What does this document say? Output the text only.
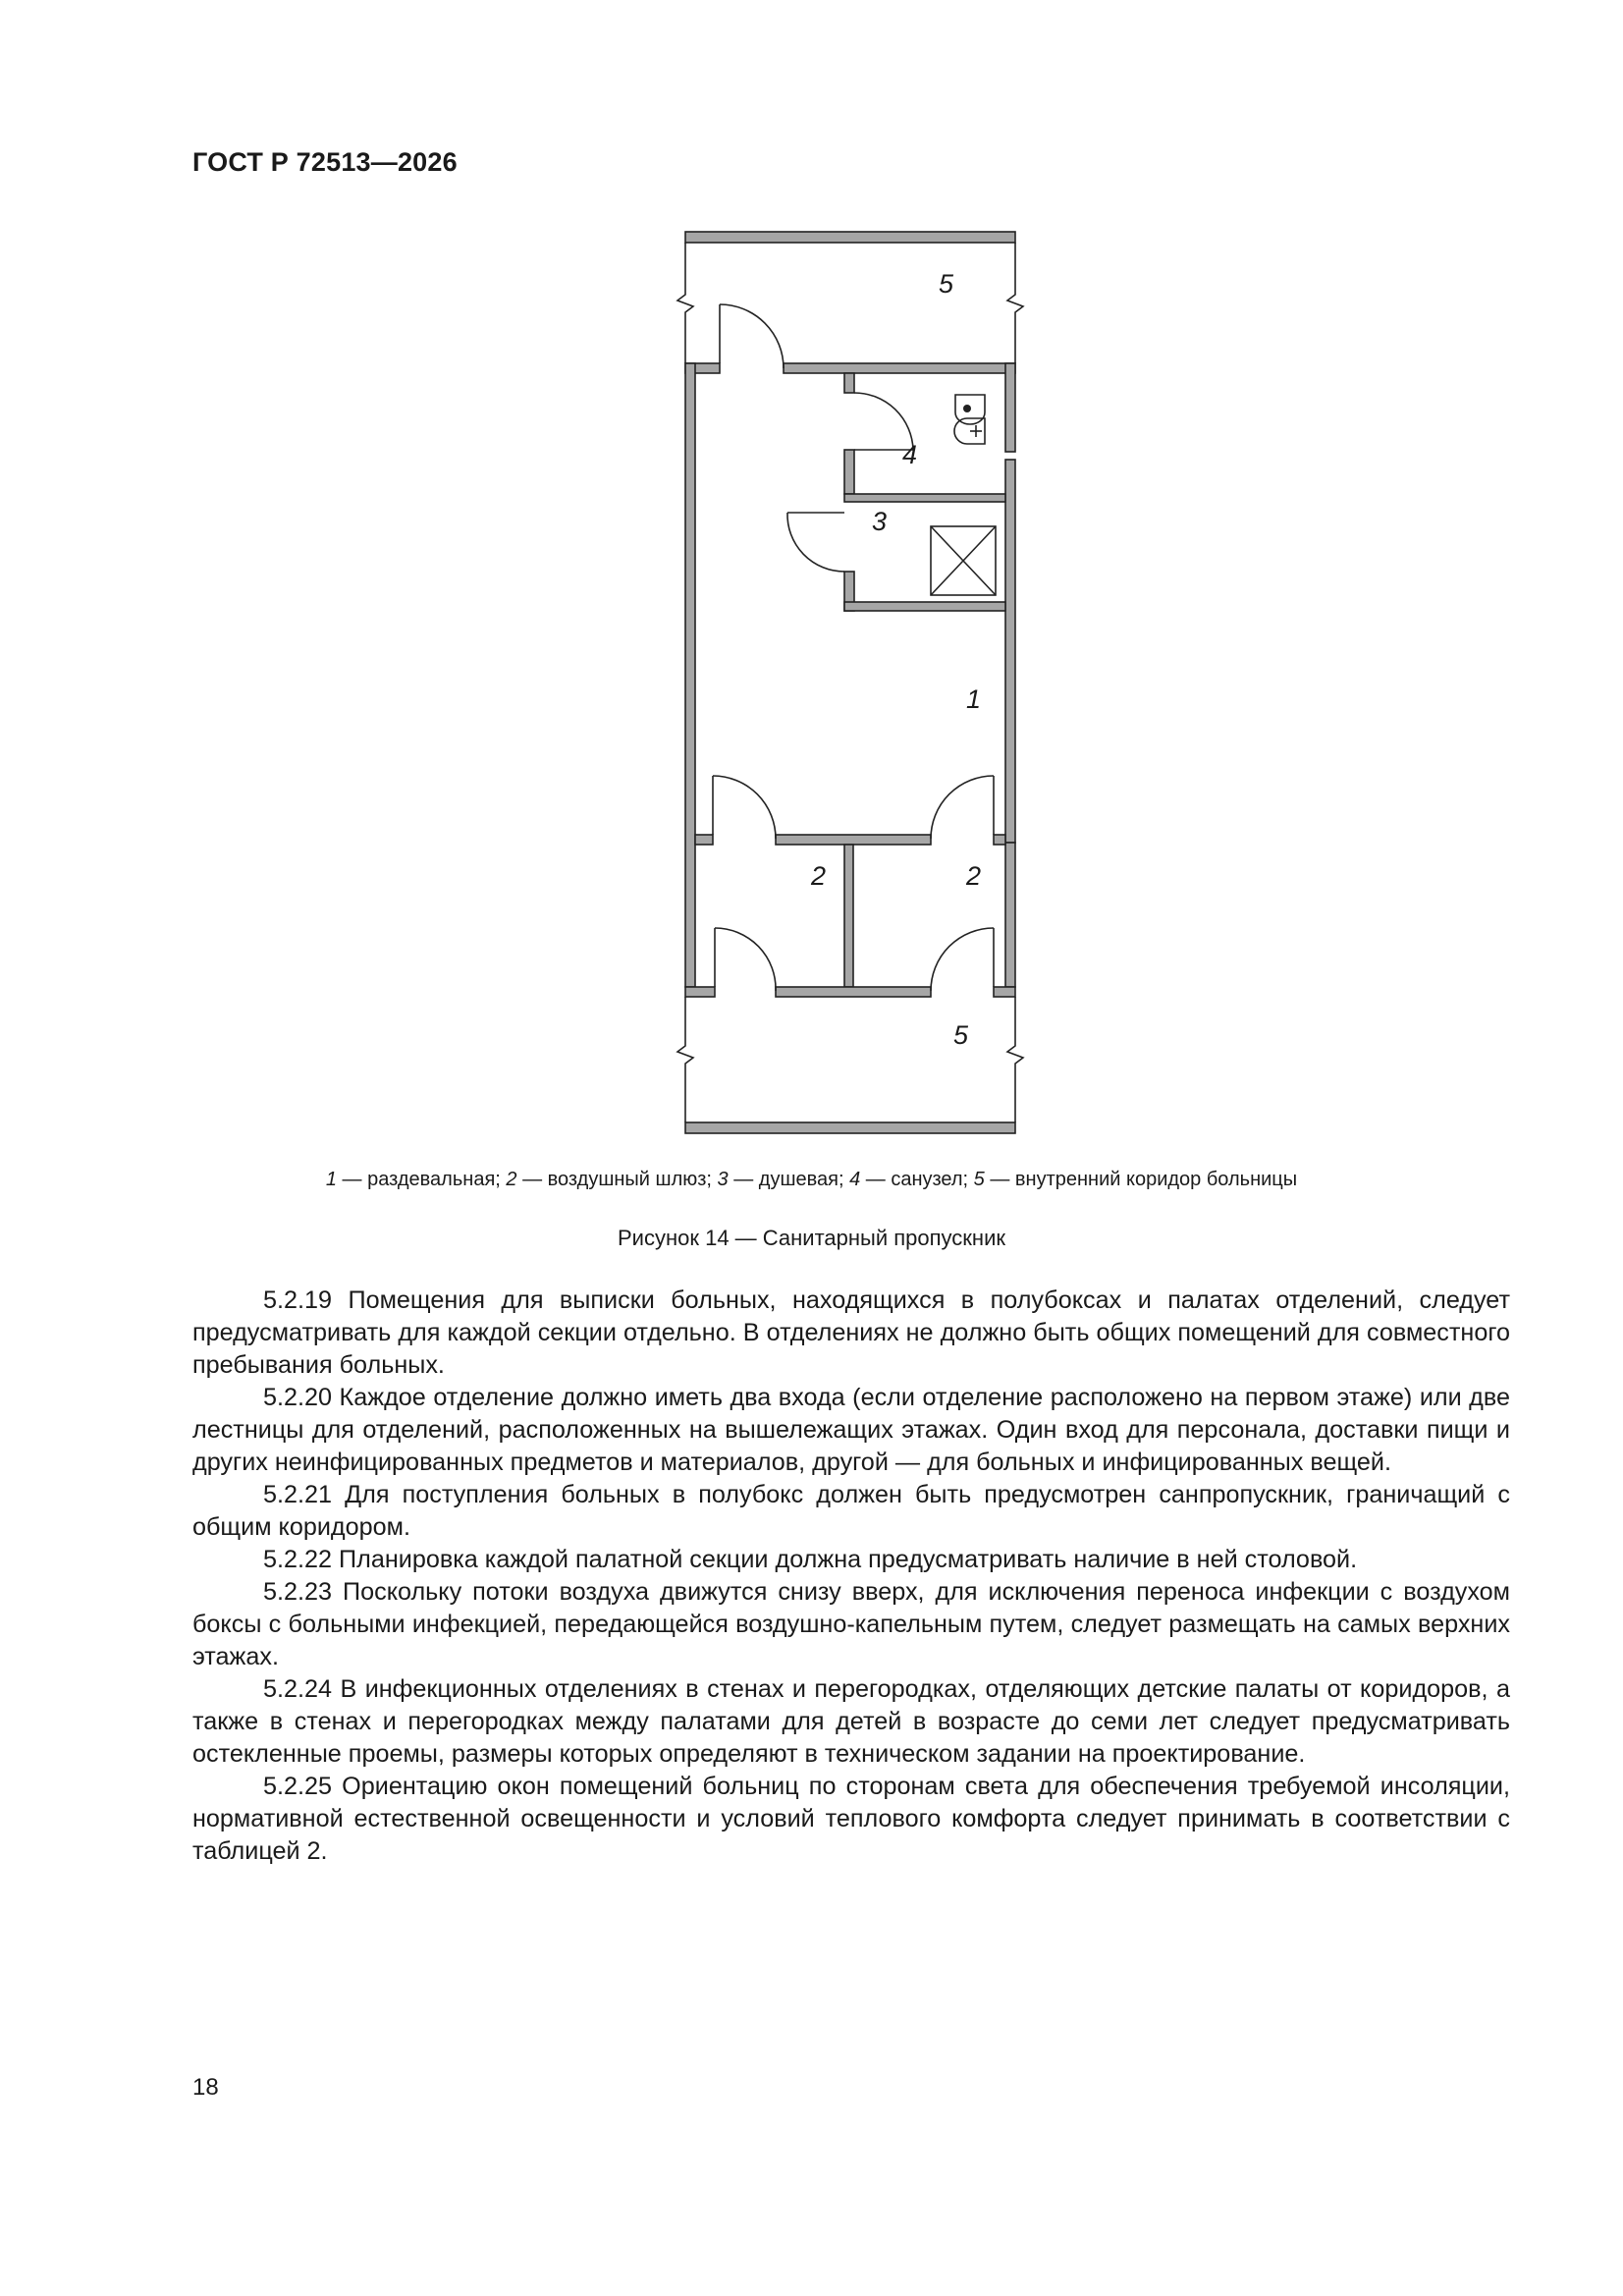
ГОСТ Р 72513—2026
5
4
3
1
2	2
5
1 — раздевальная; 2 — воздушный шлюз; 3 — душевая; 4 — санузел; 5 — внутренний коридор больницы
Рисунок 14 — Санитарный пропускник

5.2.19 Помещения для выписки больных, находящихся в полубоксах и палатах отделений, следует предусматривать для каждой секции отдельно. В отделениях не должно быть общих помещений для совместного пребывания больных.

5.2.20 Каждое отделение должно иметь два входа (если отделение расположено на первом этаже) или две лестницы для отделений, расположенных на вышележащих этажах. Один вход для персонала, доставки пищи и других неинфицированных предметов и материалов, другой — для больных и инфицированных вещей.

5.2.21 Для поступления больных в полубокс должен быть предусмотрен санпропускник, граничащий с общим коридором.

5.2.22 Планировка каждой палатной секции должна предусматривать наличие в ней столовой.

5.2.23 Поскольку потоки воздуха движутся снизу вверх, для исключения переноса инфекции с воздухом боксы с больными инфекцией, передающейся воздушно-капельным путем, следует размещать на самых верхних этажах.

5.2.24 В инфекционных отделениях в стенах и перегородках, отделяющих детские палаты от коридоров, а также в стенах и перегородках между палатами для детей в возрасте до семи лет следует предусматривать остекленные проемы, размеры которых определяют в техническом задании на проектирование.

5.2.25 Ориентацию окон помещений больниц по сторонам света для обеспечения требуемой инсоляции, нормативной естественной освещенности и условий теплового комфорта следует принимать в соответствии с таблицей 2.

18
